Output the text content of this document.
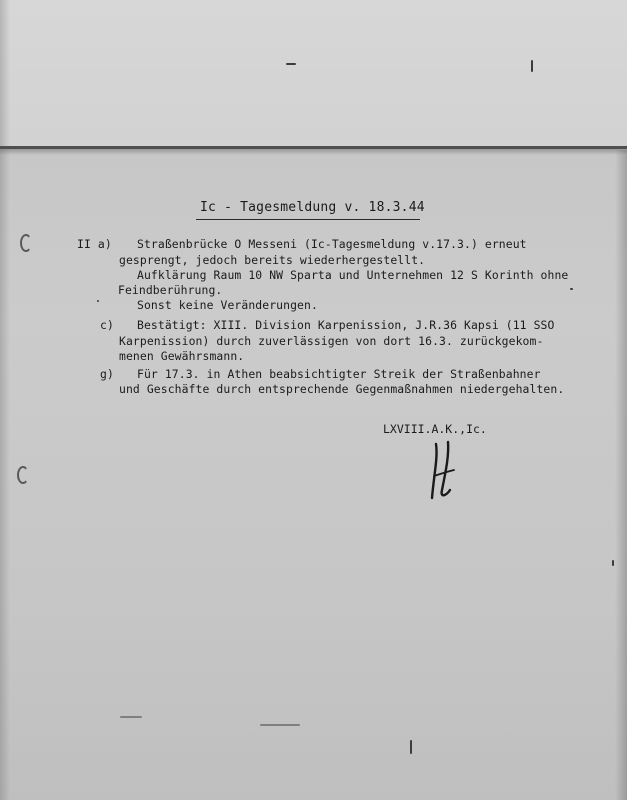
Ic - Tagesmeldung v. 18.3.44
II a) Straßenbrücke O Messeni (Ic-Tagesmeldung v.17.3.) erneut
gesprengt, jedoch bereits wiederhergestellt.
Aufklärung Raum 10 NW Sparta und Unternehmen 12 S Korinth ohne
Feindberührung.
Sonst keine Veränderungen.
c) Bestätigt: XIII. Division Karpenission, J.R.36 Kapsi (11 SSO
Karpenission) durch zuverlässigen von dort 16.3. zurückgekom-
menen Gewährsmann.
g) Für 17.3. in Athen beabsichtigter Streik der Straßenbahner
und Geschäfte durch entsprechende Gegenmaßnahmen niedergehalten.
LXVIII.A.K.,Ic.
